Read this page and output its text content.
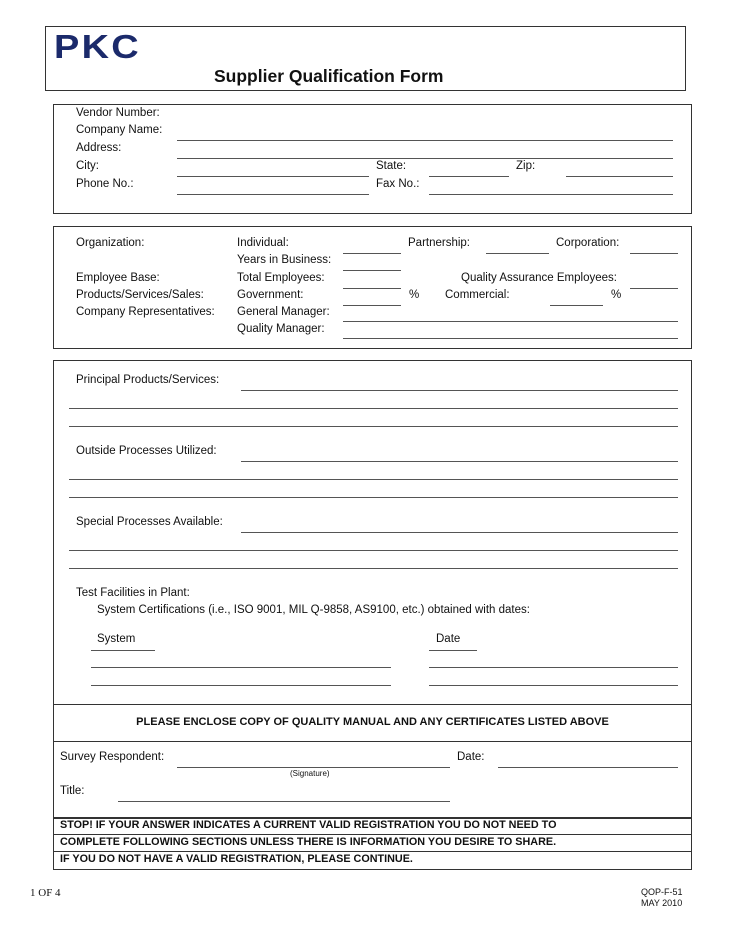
PKC
Supplier Qualification Form
Vendor Number:
Company Name:
Address:
City:	State:	Zip:
Phone No.:	Fax No.:
Organization:	Individual:	Partnership:	Corporation:
Years in Business:
Employee Base:	Total Employees:	Quality Assurance Employees:
Products/Services/Sales:	Government:	% Commercial:	%
Company Representatives: General Manager:
Quality Manager:
Principal Products/Services:
Outside Processes Utilized:
Special Processes Available:
Test Facilities in Plant:
System Certifications (i.e., ISO 9001, MIL Q-9858, AS9100, etc.) obtained with dates:
System	Date
PLEASE ENCLOSE COPY OF QUALITY MANUAL AND ANY CERTIFICATES LISTED ABOVE
Survey Respondent:
(Signature)
Date:
Title:
STOP! IF YOUR ANSWER INDICATES A CURRENT VALID REGISTRATION YOU DO NOT NEED TO
COMPLETE FOLLOWING SECTIONS UNLESS THERE IS INFORMATION YOU DESIRE TO SHARE.
IF YOU DO NOT HAVE A VALID REGISTRATION, PLEASE CONTINUE.
1 OF 4	QOP-F-51
MAY 2010
